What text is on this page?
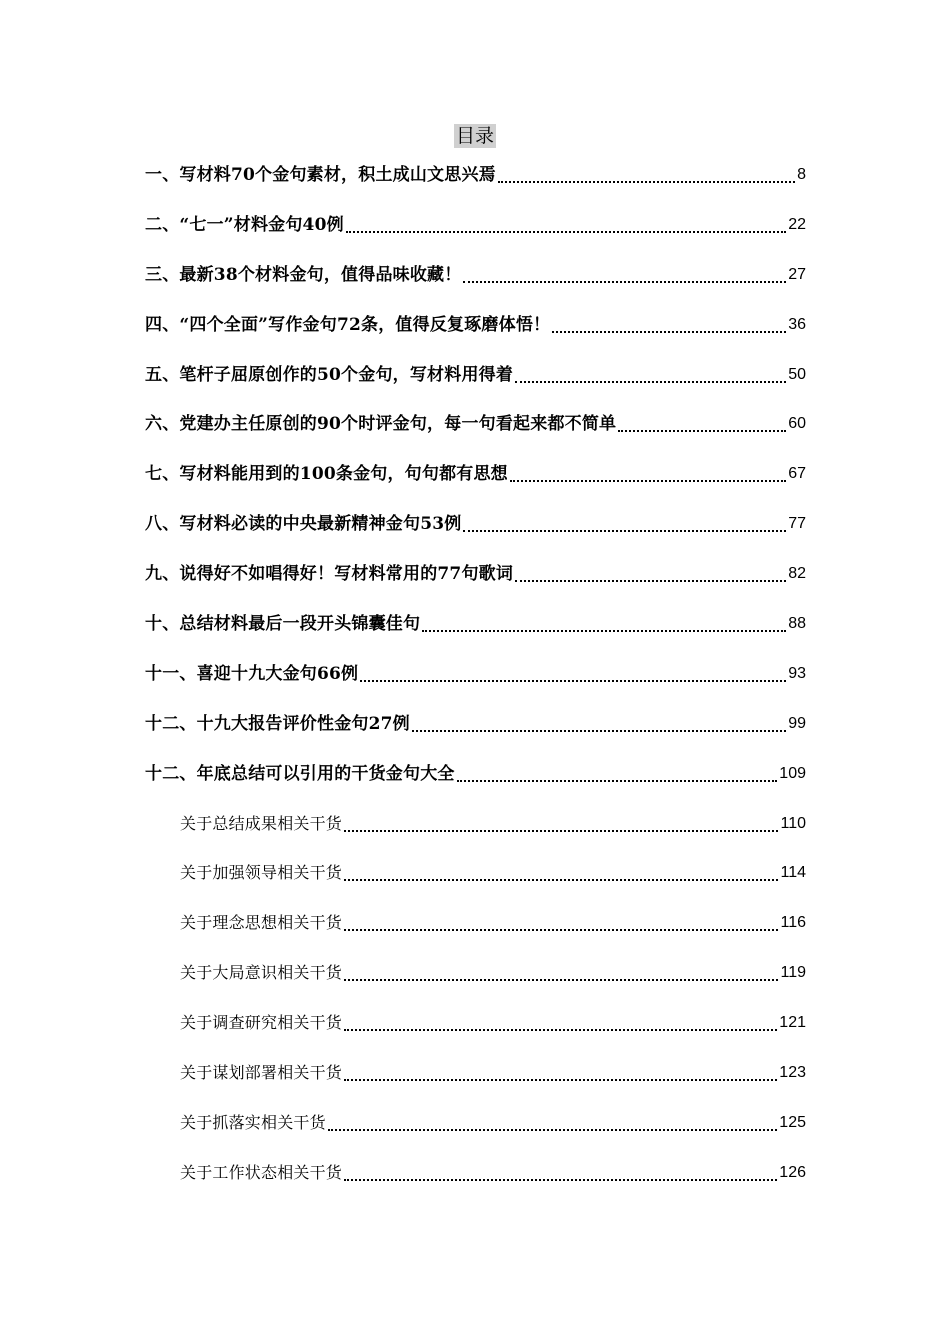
目录
一、写材料70个金句素材，积土成山文思兴焉	8
二、“七一”材料金句40例	22
三、最新38个材料金句，值得品味收藏！	27
四、“四个全面”写作金句72条，值得反复琢磨体悟！	36
五、笔杆子屈原创作的50个金句，写材料用得着	50
六、党建办主任原创的90个时评金句，每一句看起来都不简单	60
七、写材料能用到的100条金句，句句都有思想	67
八、写材料必读的中央最新精神金句53例	77
九、说得好不如唱得好！写材料常用的77句歌词	82
十、总结材料最后一段开头锦囊佳句	88
十一、喜迎十九大金句66例	93
十二、十九大报告评价性金句27例	99
十二、年底总结可以引用的干货金句大全	109
关于总结成果相关干货	110
关于加强领导相关干货	114
关于理念思想相关干货	116
关于大局意识相关干货	119
关于调查研究相关干货	121
关于谋划部署相关干货	123
关于抓落实相关干货	125
关于工作状态相关干货	126
